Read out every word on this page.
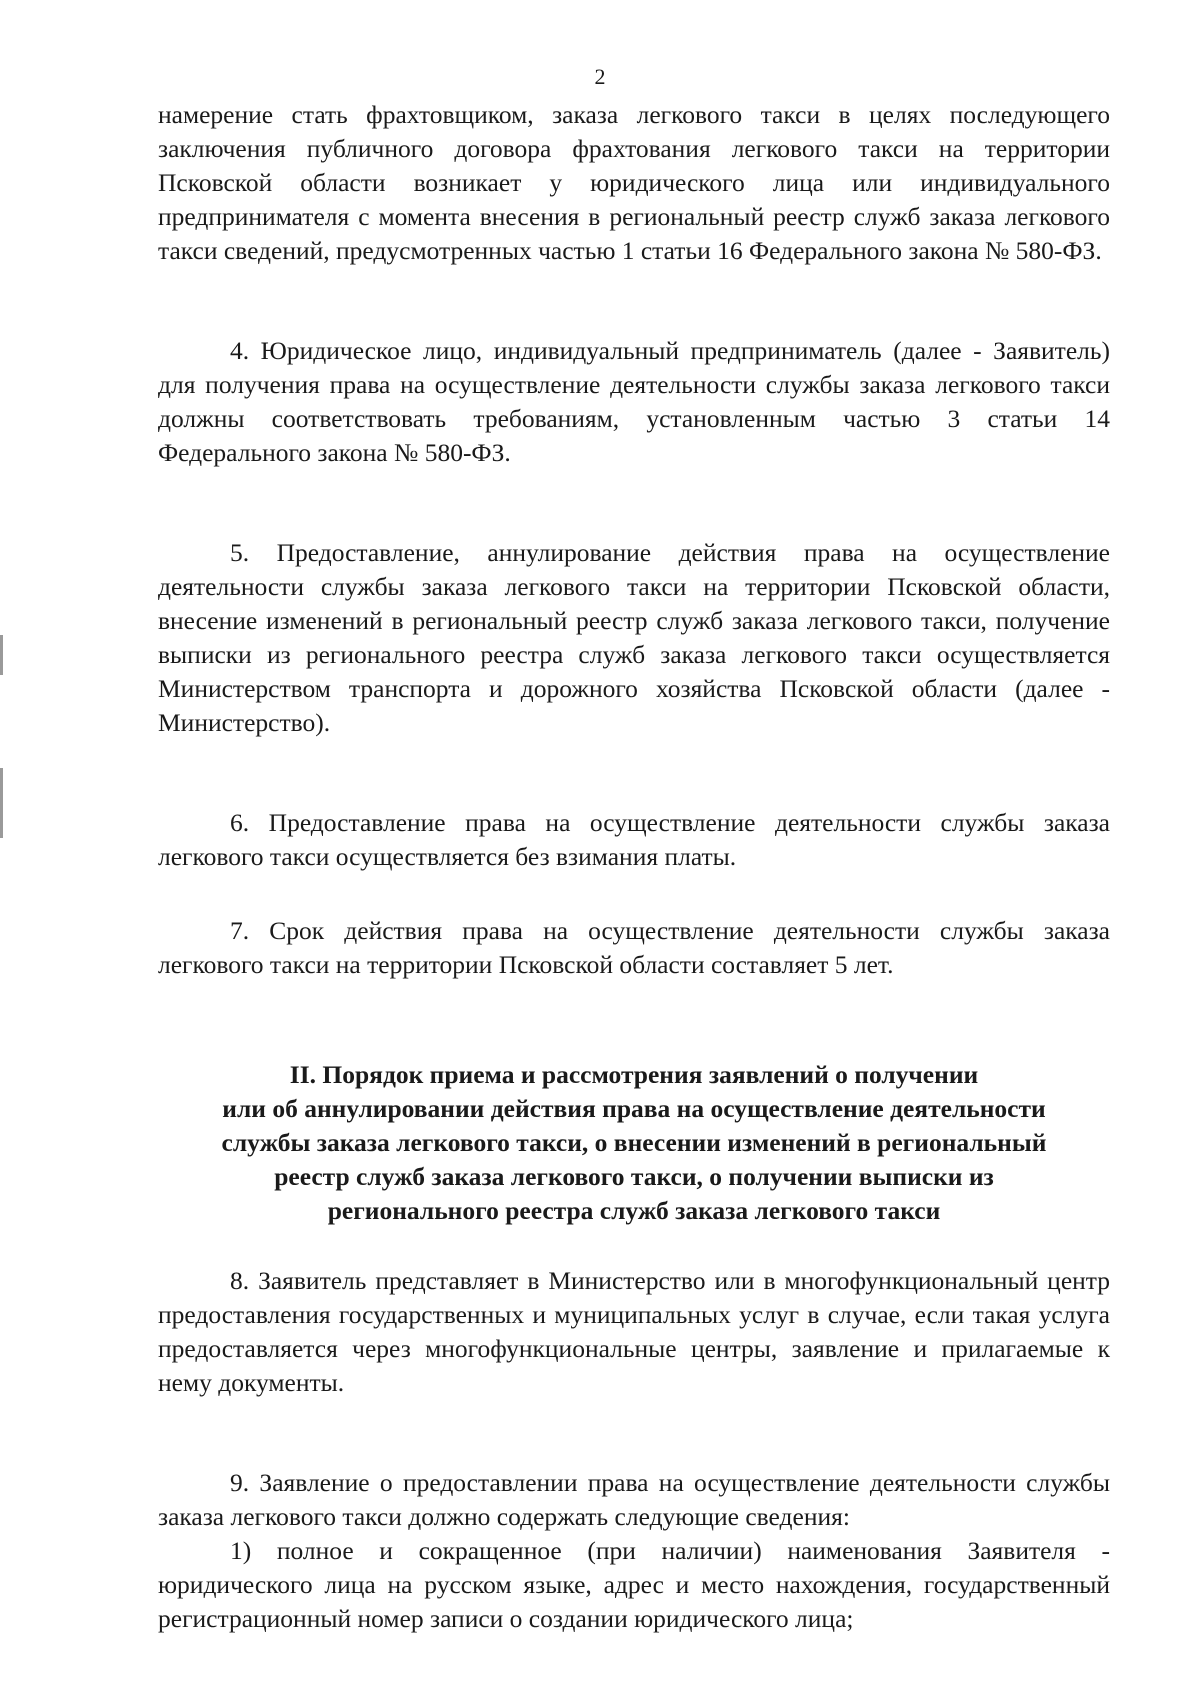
2

намерение стать фрахтовщиком, заказа легкового такси в целях последующего заключения публичного договора фрахтования легкового такси на территории Псковской области возникает у юридического лица или индивидуального предпринимателя с момента внесения в региональный реестр служб заказа легкового такси сведений, предусмотренных частью 1 статьи 16 Федерального закона № 580-ФЗ.

4. Юридическое лицо, индивидуальный предприниматель (далее - Заявитель) для получения права на осуществление деятельности службы заказа легкового такси должны соответствовать требованиям, установленным частью 3 статьи 14 Федерального закона № 580-ФЗ.

5. Предоставление, аннулирование действия права на осуществление деятельности службы заказа легкового такси на территории Псковской области, внесение изменений в региональный реестр служб заказа легкового такси, получение выписки из регионального реестра служб заказа легкового такси осуществляется Министерством транспорта и дорожного хозяйства Псковской области (далее - Министерство).

6. Предоставление права на осуществление деятельности службы заказа легкового такси осуществляется без взимания платы.

7. Срок действия права на осуществление деятельности службы заказа легкового такси на территории Псковской области составляет 5 лет.

II. Порядок приема и рассмотрения заявлений о получении
или об аннулировании действия права на осуществление деятельности
службы заказа легкового такси, о внесении изменений в региональный
реестр служб заказа легкового такси, о получении выписки из
регионального реестра служб заказа легкового такси

8. Заявитель представляет в Министерство или в многофункциональный центр предоставления государственных и муниципальных услуг в случае, если такая услуга предоставляется через многофункциональные центры, заявление и прилагаемые к нему документы.

9. Заявление о предоставлении права на осуществление деятельности службы заказа легкового такси должно содержать следующие сведения:

1) полное и сокращенное (при наличии) наименования Заявителя - юридического лица на русском языке, адрес и место нахождения, государственный регистрационный номер записи о создании юридического лица;
